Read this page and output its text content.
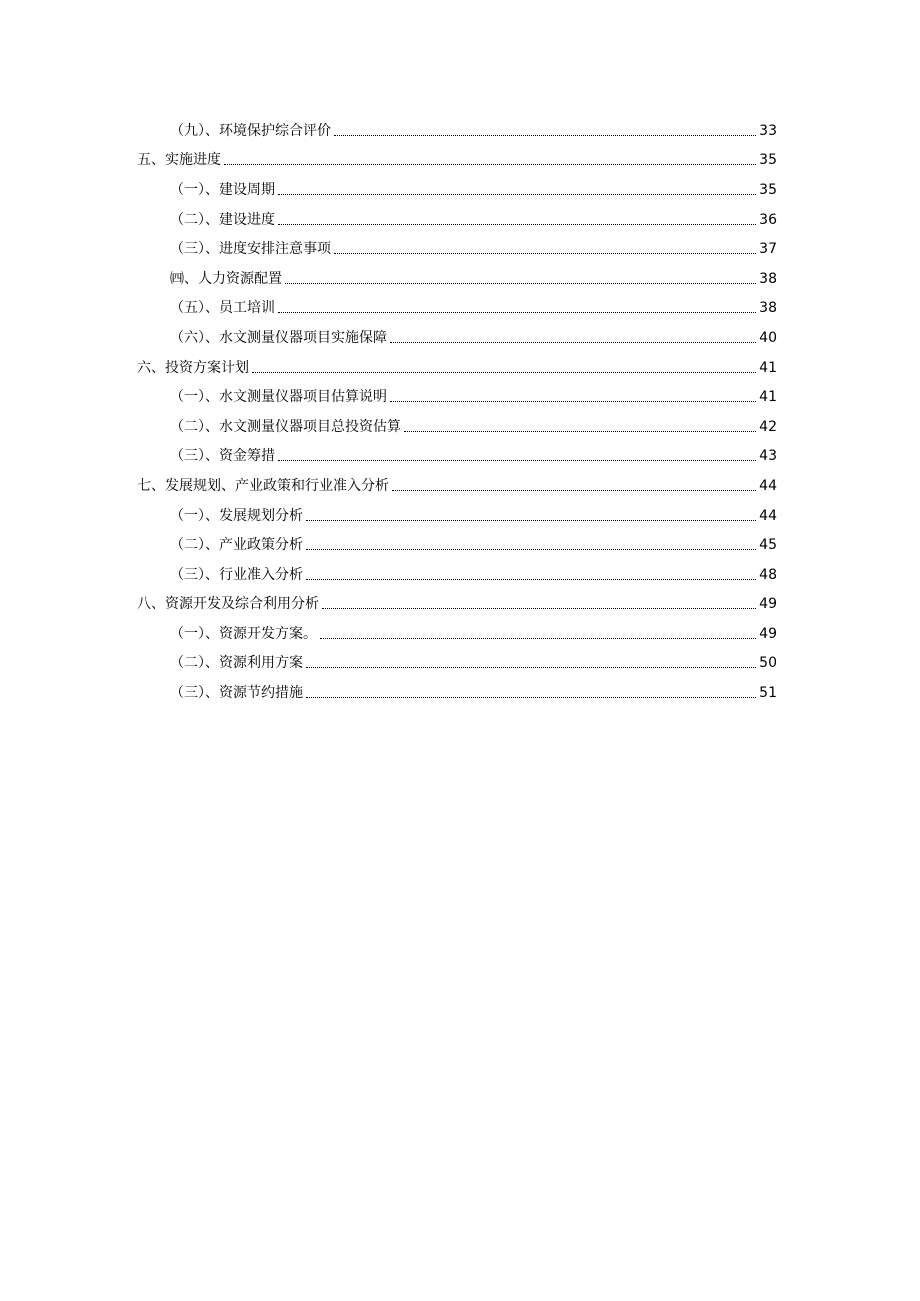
（九）、环境保护综合评价	33
五、实施进度	35
（一）、建设周期	35
（二）、建设进度	36
（三）、进度安排注意事项	37
㈣、人力资源配置	38
（五）、员工培训	38
（六）、水文测量仪器项目实施保障	40
六、投资方案计划	41
（一）、水文测量仪器项目估算说明	41
（二）、水文测量仪器项目总投资估算	42
（三）、资金筹措	43
七、发展规划、产业政策和行业准入分析	44
（一）、发展规划分析	44
（二）、产业政策分析	45
（三）、行业准入分析	48
八、资源开发及综合利用分析	49
（一）、资源开发方案。	49
（二）、资源利用方案	50
（三）、资源节约措施	51
